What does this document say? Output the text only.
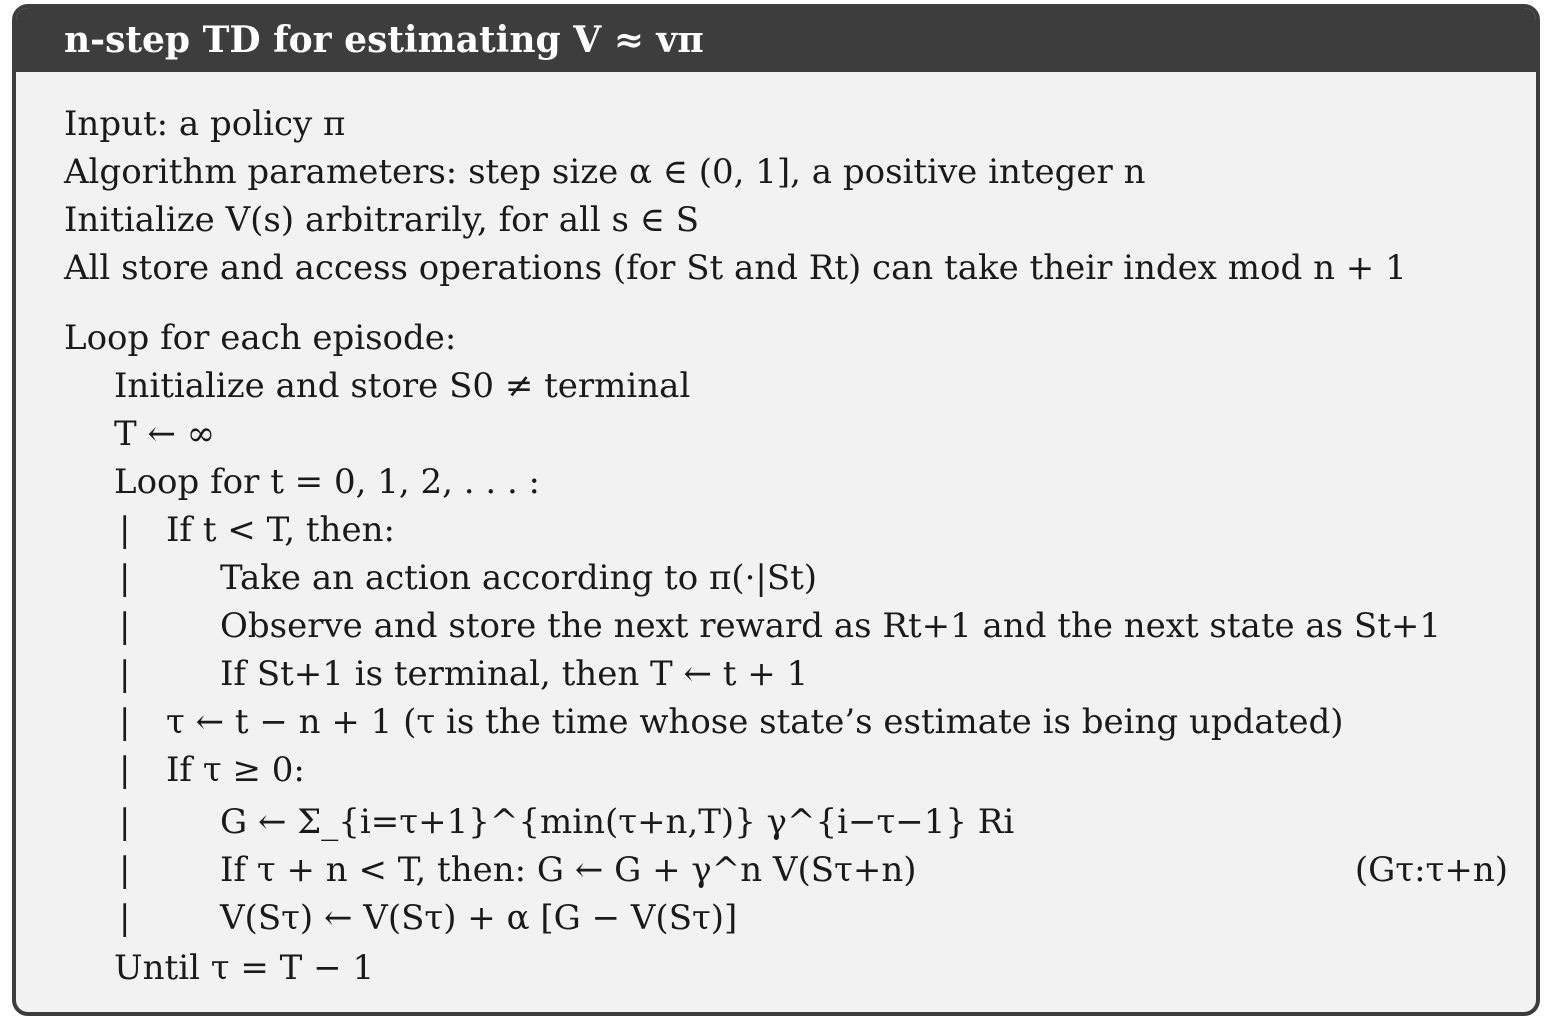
n-step TD for estimating V ≈ vπ
Input: a policy π
Algorithm parameters: step size α ∈ (0, 1], a positive integer n
Initialize V(s) arbitrarily, for all s ∈ S
All store and access operations (for St and Rt) can take their index mod n + 1
Loop for each episode:
Initialize and store S0 ≠ terminal
T ← ∞
Loop for t = 0, 1, 2, . . . :
|
|
|
|
|
|
|
|
|
If t < T, then:
Take an action according to π(·|St)
Observe and store the next reward as Rt+1 and the next state as St+1
If St+1 is terminal, then T ← t + 1
τ ← t − n + 1 (τ is the time whose state’s estimate is being updated)
If τ ≥ 0:
G ← Σ_{i=τ+1}^{min(τ+n,T)} γ^{i−τ−1} Ri
If τ + n < T, then: G ← G + γ^n V(Sτ+n)	(Gτ:τ+n)
V(Sτ) ← V(Sτ) + α [G − V(Sτ)]
Until τ = T − 1
